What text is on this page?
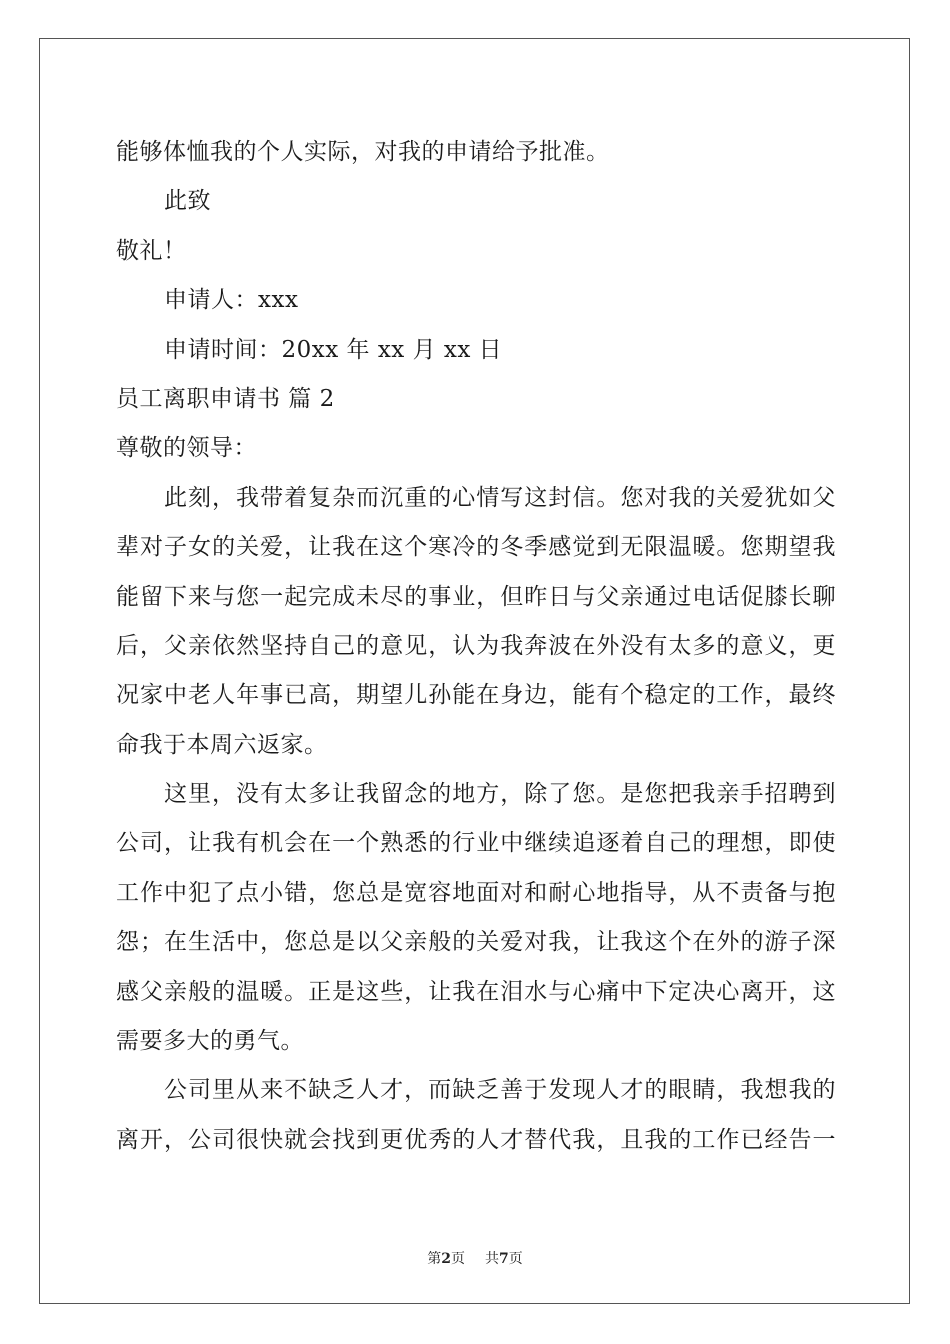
能够体恤我的个人实际，对我的申请给予批准。
此致
敬礼！
申请人：xxx
申请时间：20xx 年 xx 月 xx 日
员工离职申请书 篇 2
尊敬的领导：
此刻，我带着复杂而沉重的心情写这封信。您对我的关爱犹如父
辈对子女的关爱，让我在这个寒冷的冬季感觉到无限温暖。您期望我
能留下来与您一起完成未尽的事业，但昨日与父亲通过电话促膝长聊
后，父亲依然坚持自己的意见，认为我奔波在外没有太多的意义，更
况家中老人年事已高，期望儿孙能在身边，能有个稳定的工作，最终
命我于本周六返家。
这里，没有太多让我留念的地方，除了您。是您把我亲手招聘到
公司，让我有机会在一个熟悉的行业中继续追逐着自己的理想，即使
工作中犯了点小错，您总是宽容地面对和耐心地指导，从不责备与抱
怨；在生活中，您总是以父亲般的关爱对我，让我这个在外的游子深
感父亲般的温暖。正是这些，让我在泪水与心痛中下定决心离开，这
需要多大的勇气。
公司里从来不缺乏人才，而缺乏善于发现人才的眼睛，我想我的
离开，公司很快就会找到更优秀的人才替代我，且我的工作已经告一
第2页 共7页
